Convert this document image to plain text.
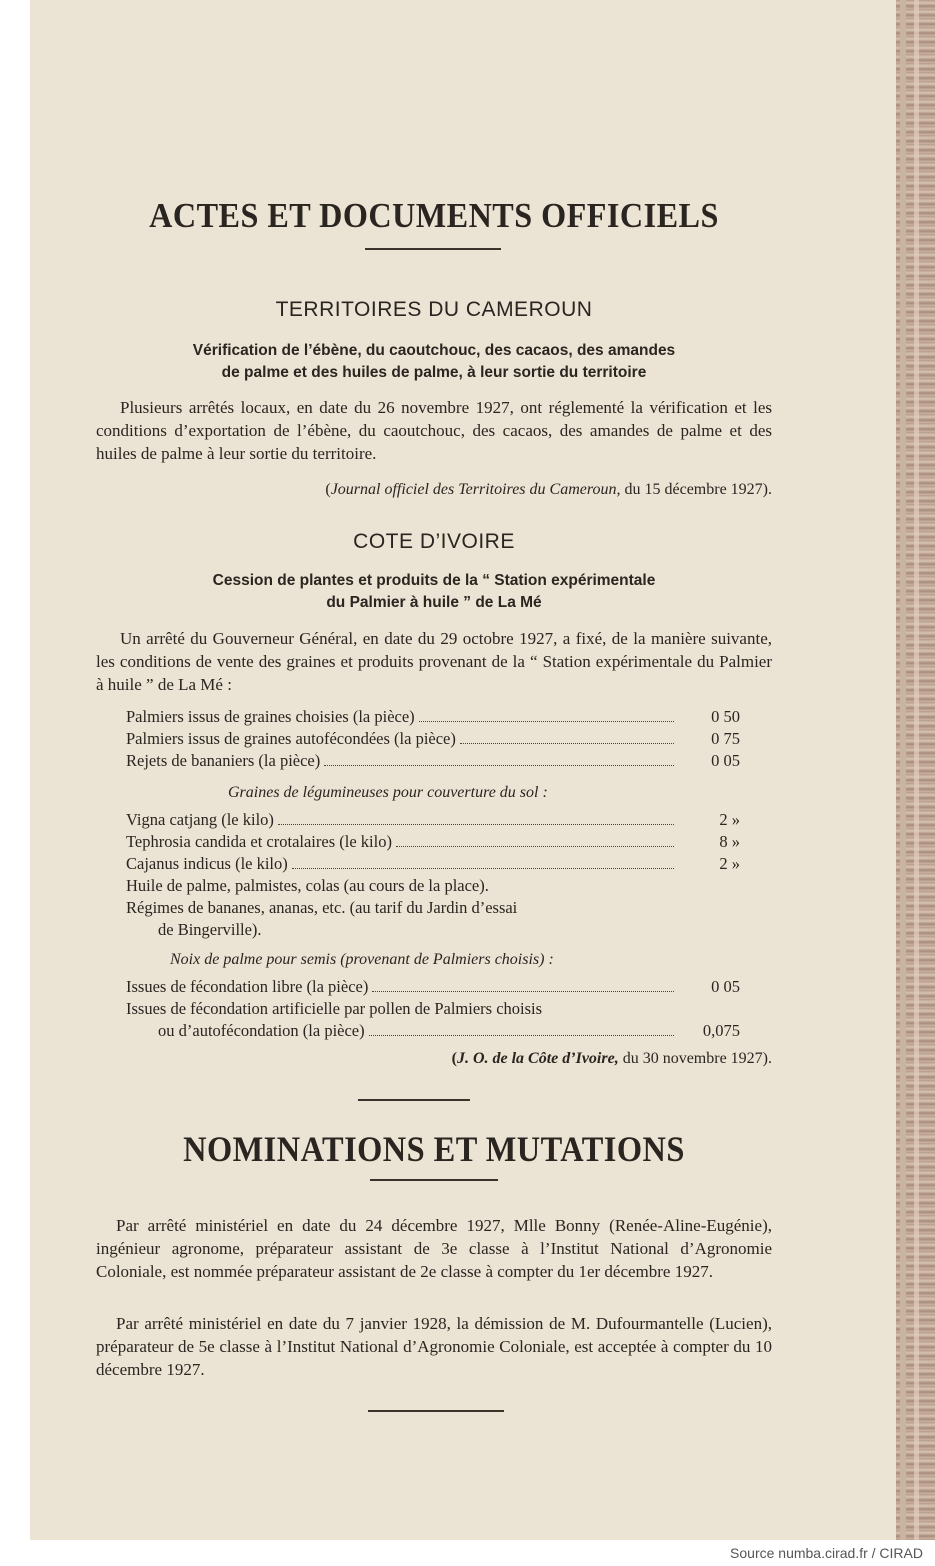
ACTES ET DOCUMENTS OFFICIELS
TERRITOIRES DU CAMEROUN
Vérification de l’ébène, du caoutchouc, des cacaos, des amandes
de palme et des huiles de palme, à leur sortie du territoire
Plusieurs arrêtés locaux, en date du 26 novembre 1927, ont réglementé la vérification et les conditions d’exportation de l’ébène, du caoutchouc, des cacaos, des amandes de palme et des huiles de palme à leur sortie du territoire.
(Journal officiel des Territoires du Cameroun, du 15 décembre 1927).
COTE D’IVOIRE
Cession de plantes et produits de la “ Station expérimentale
du Palmier à huile ” de La Mé
Un arrêté du Gouverneur Général, en date du 29 octobre 1927, a fixé, de la manière suivante, les conditions de vente des graines et produits provenant de la “ Station expérimentale du Palmier à huile ” de La Mé :
Palmiers issus de graines choisies (la pièce)	0 50
Palmiers issus de graines autofécondées (la pièce)	0 75
Rejets de bananiers (la pièce)	0 05
Graines de légumineuses pour couverture du sol :
Vigna catjang (le kilo)	2 »
Tephrosia candida et crotalaires (le kilo)	8 »
Cajanus indicus (le kilo)	2 »
Huile de palme, palmistes, colas (au cours de la place).
Régimes de bananes, ananas, etc. (au tarif du Jardin d’essai
de Bingerville).
Noix de palme pour semis (provenant de Palmiers choisis) :
Issues de fécondation libre (la pièce)	0 05
Issues de fécondation artificielle par pollen de Palmiers choisis
ou d’autofécondation (la pièce)	0,075
(J. O. de la Côte d’Ivoire, du 30 novembre 1927).
NOMINATIONS ET MUTATIONS
Par arrêté ministériel en date du 24 décembre 1927, Mlle Bonny (Renée-Aline-Eugénie), ingénieur agronome, préparateur assistant de 3e classe à l’Institut National d’Agronomie Coloniale, est nommée préparateur assistant de 2e classe à compter du 1er décembre 1927.
Par arrêté ministériel en date du 7 janvier 1928, la démission de M. Dufourmantelle (Lucien), préparateur de 5e classe à l’Institut National d’Agronomie Coloniale, est acceptée à compter du 10 décembre 1927.
Source numba.cirad.fr / CIRAD
